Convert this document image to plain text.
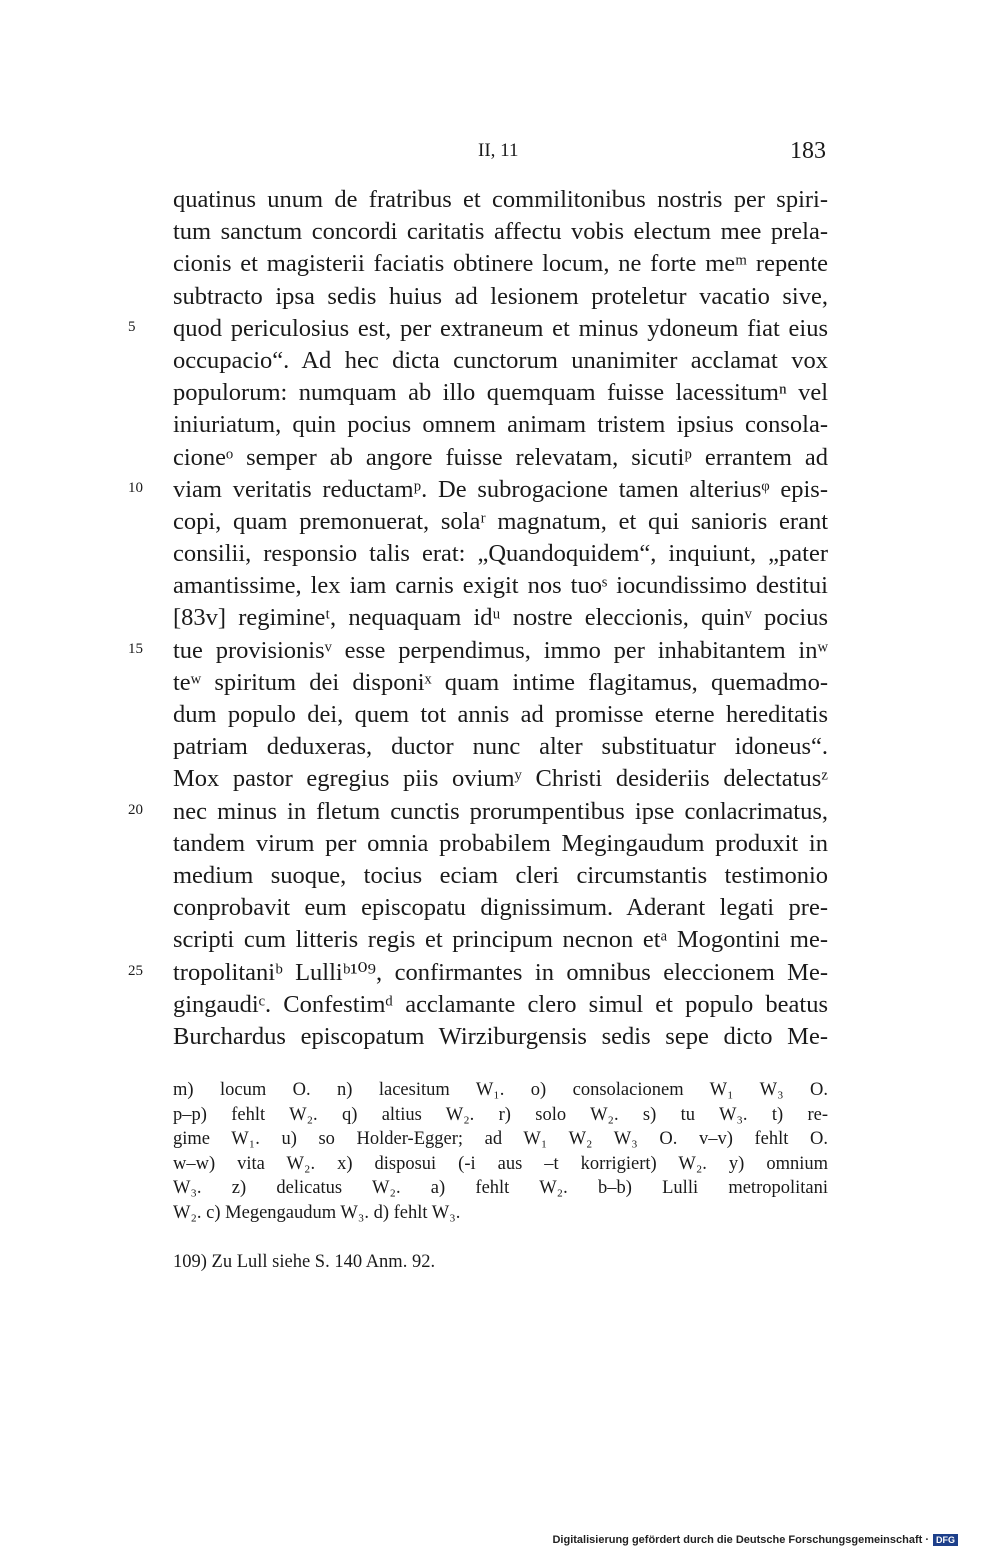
II, 11	183
quatinus unum de fratribus et commilitonibus nostris per spiri-
tum sanctum concordi caritatis affectu vobis electum mee prela-
cionis et magisterii faciatis obtinere locum, ne forte meᵐ repente
subtracto ipsa sedis huius ad lesionem proteletur vacatio sive,
quod periculosius est, per extraneum et minus ydoneum fiat eius
occupacio“. Ad hec dicta cunctorum unanimiter acclamat vox
populorum: numquam ab illo quemquam fuisse lacessitumⁿ vel
iniuriatum, quin pocius omnem animam tristem ipsius consola-
cioneᵒ semper ab angore fuisse relevatam, sicutiᵖ errantem ad
viam veritatis reductamᵖ. De subrogacione tamen alteriusᵠ epis-
copi, quam premonuerat, solaʳ magnatum, et qui sanioris erant
consilii, responsio talis erat: „Quandoquidem“, inquiunt, „pater
amantissime, lex iam carnis exigit nos tuoˢ iocundissimo destitui
[83v] regimineᵗ, nequaquam idᵘ nostre eleccionis, quinᵛ pocius
tue provisionisᵛ esse perpendimus, immo per inhabitantem inʷ
teʷ spiritum dei disponiˣ quam intime flagitamus, quemadmo-
dum populo dei, quem tot annis ad promisse eterne hereditatis
patriam deduxeras, ductor nunc alter substituatur idoneus“.
Mox pastor egregius piis oviumʸ Christi desideriis delectatusᶻ
nec minus in fletum cunctis prorumpentibus ipse conlacrimatus,
tandem virum per omnia probabilem Megingaudum produxit in
medium suoque, tocius eciam cleri circumstantis testimonio
conprobavit eum episcopatu dignissimum. Aderant legati pre-
scripti cum litteris regis et principum necnon etᵃ Mogontini me-
tropolitaniᵇ Lulliᵇ¹⁰⁹, confirmantes in omnibus eleccionem Me-
gingaudiᶜ. Confestimᵈ acclamante clero simul et populo beatus
Burchardus episcopatum Wirziburgensis sedis sepe dicto Me-
5
10
15
20
25
m) locum O. n) lacesitum W₁. o) consolacionem W₁ W₃ O.
p–p) fehlt W₂. q) altius W₂. r) solo W₂. s) tu W₃. t) re-
gime W₁. u) so Holder-Egger; ad W₁ W₂ W₃ O. v–v) fehlt O.
w–w) vita W₂. x) disposui (-i aus –t korrigiert) W₂. y) omnium
W₃. z) delicatus W₂. a) fehlt W₂. b–b) Lulli metropolitani
W₂. c) Megengaudum W₃. d) fehlt W₃.
109) Zu Lull siehe S. 140 Anm. 92.
Digitalisierung gefördert durch die Deutsche Forschungsgemeinschaft · DFG
